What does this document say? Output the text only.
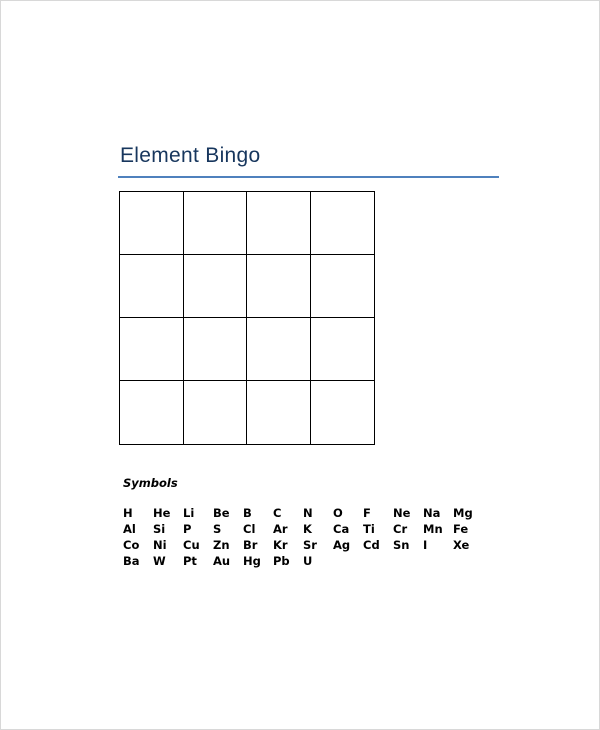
Element Bingo

Symbols

H	He	Li	Be	B	C	N	O	F	Ne	Na	Mg
Al	Si	P	S	Cl	Ar	K	Ca	Ti	Cr	Mn Fe
Co	Ni	Cu	Zn	Br	Kr	Sr	Ag	Cd	Sn	I	Xe
Ba	W	Pt	Au	Hg	Pb	U
